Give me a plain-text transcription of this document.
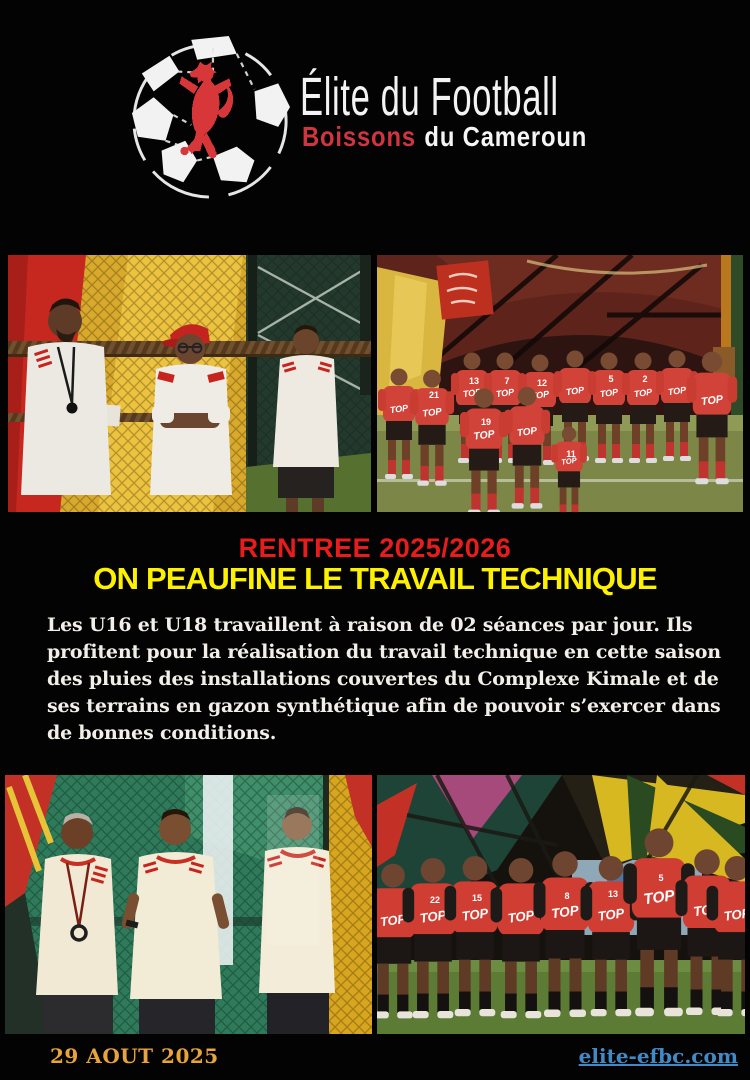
Élite du Football
Boissons du Cameroun
21
13	7	12	5	2
19
11
RENTREE 2025/2026
ON PEAUFINE LE TRAVAIL TECHNIQUE
Les U16 et U18 travaillent à raison de 02 séances par jour. Ils
profitent pour la réalisation du travail technique en cette saison
des pluies des installations couvertes du Complexe Kimale et de
ses terrains en gazon synthétique afin de pouvoir s’exercer dans
de bonnes conditions.
22	15	8	13
5
29 AOUT 2025	elite-efbc.com
